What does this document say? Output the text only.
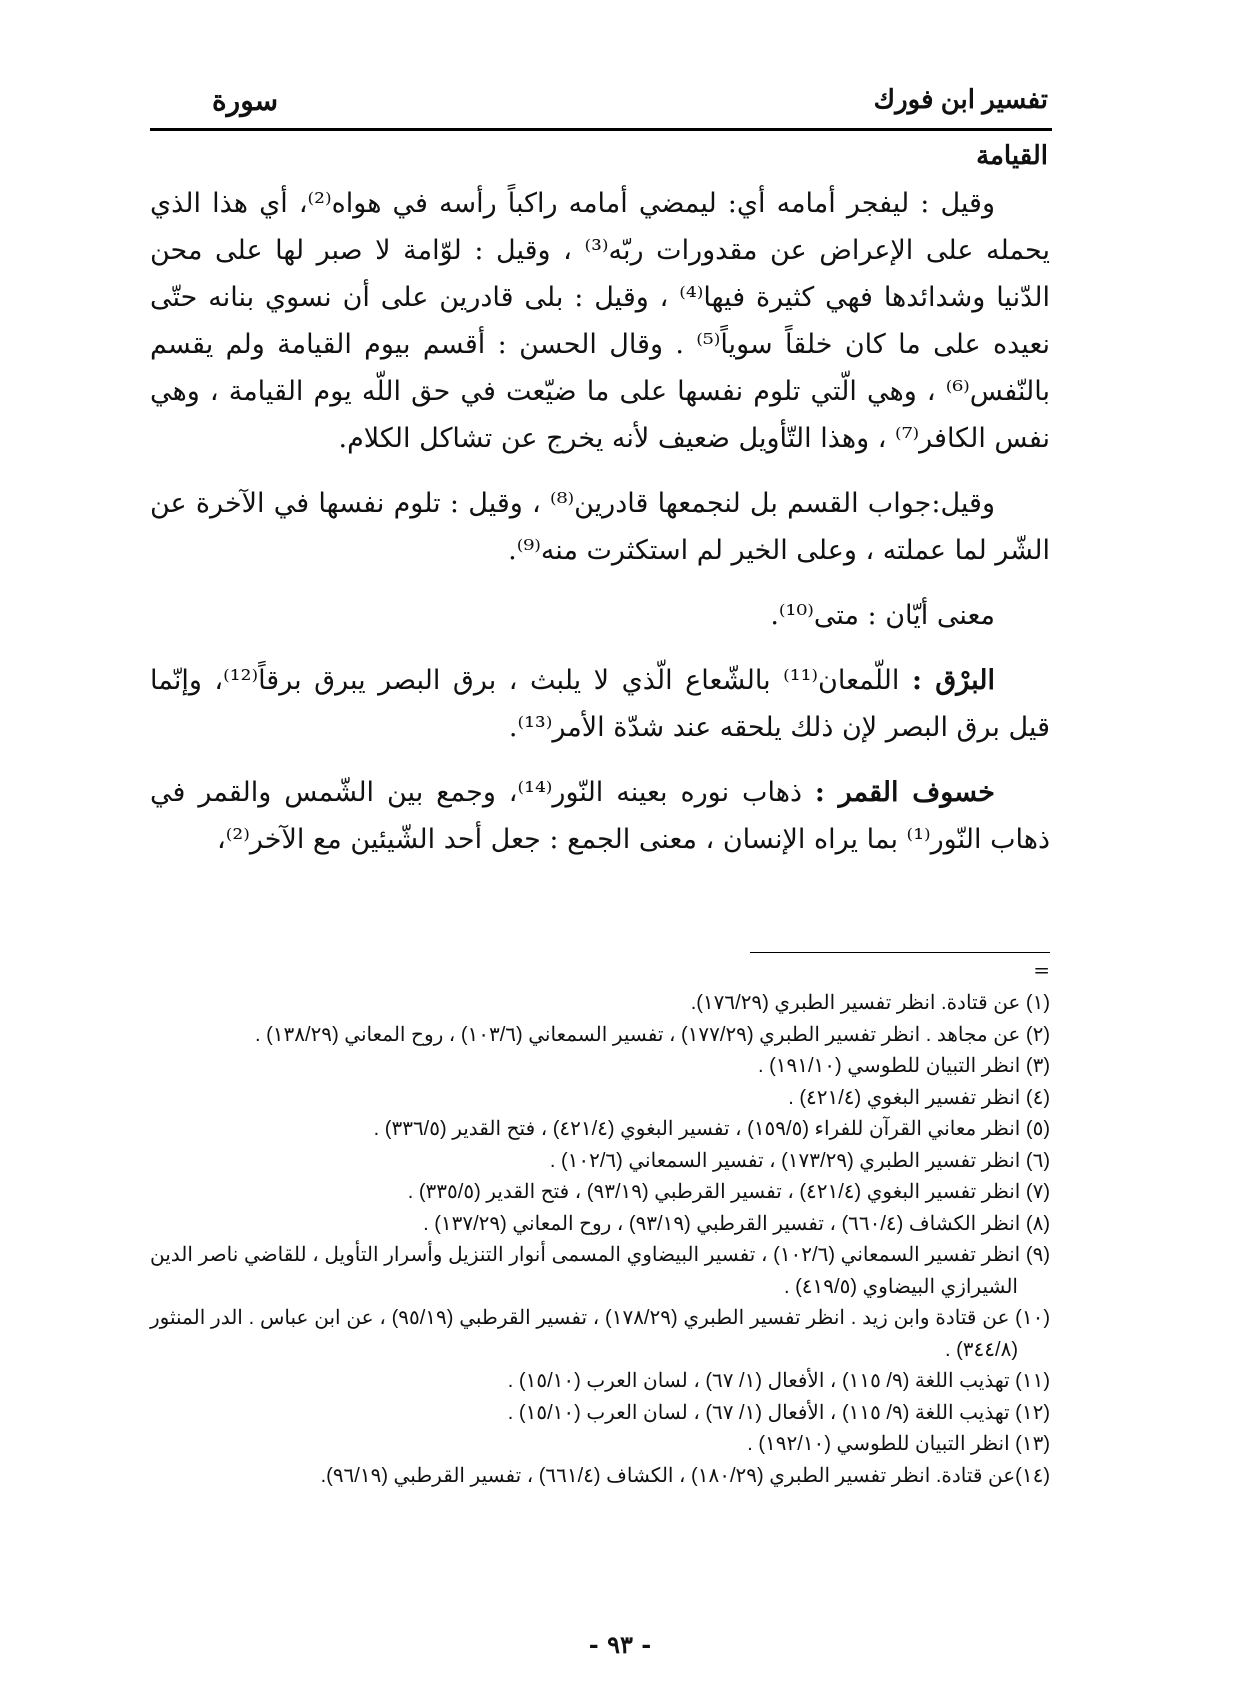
تفسير ابن فورك
سورة
القيامة

وقيل : ليفجر أمامه أي: ليمضي أمامه راكباً رأسه في هواه⁽²⁾، أي هذا الذي يحمله على الإعراض عن مقدورات ربّه⁽³⁾ ، وقيل : لوّامة لا صبر لها على محن الدّنيا وشدائدها فهي كثيرة فيها⁽⁴⁾ ، وقيل : بلى قادرين على أن نسوي بنانه حتّى نعيده على ما كان خلقاً سوياً⁽⁵⁾ . وقال الحسن : أقسم بيوم القيامة ولم يقسم بالنّفس⁽⁶⁾ ، وهي الّتي تلوم نفسها على ما ضيّعت في حق اللّه يوم القيامة ، وهي نفس الكافر⁽⁷⁾ ، وهذا التّأويل ضعيف لأنه يخرج عن تشاكل الكلام.

وقيل:جواب القسم بل لنجمعها قادرين⁽⁸⁾ ، وقيل : تلوم نفسها في الآخرة عن الشّر لما عملته ، وعلى الخير لم استكثرت منه⁽⁹⁾.

معنى أيّان : متى⁽¹⁰⁾.

البرْق : اللّمعان⁽¹¹⁾ بالشّعاع الّذي لا يلبث ، برق البصر يبرق برقاً⁽¹²⁾، وإنّما قيل برق البصر لإن ذلك يلحقه عند شدّة الأمر⁽¹³⁾.

خسوف القمر : ذهاب نوره بعينه النّور⁽¹⁴⁾، وجمع بين الشّمس والقمر في ذهاب النّور⁽¹⁾ بما يراه الإنسان ، معنى الجمع : جعل أحد الشّيئين مع الآخر⁽²⁾،

=

(١) عن قتادة. انظر تفسير الطبري (١٧٦/٢٩).

(٢) عن مجاهد . انظر تفسير الطبري (١٧٧/٢٩) ، تفسير السمعاني (١٠٣/٦) ، روح المعاني (١٣٨/٢٩) .

(٣) انظر التبيان للطوسي (١٩١/١٠) .

(٤) انظر تفسير البغوي (٤٢١/٤) .

(٥) انظر معاني القرآن للفراء (١٥٩/٥) ، تفسير البغوي (٤٢١/٤) ، فتح القدير (٣٣٦/٥) .

(٦) انظر تفسير الطبري (١٧٣/٢٩) ، تفسير السمعاني (١٠٢/٦) .

(٧) انظر تفسير البغوي (٤٢١/٤) ، تفسير القرطبي (٩٣/١٩) ، فتح القدير (٣٣٥/٥) .

(٨) انظر الكشاف (٦٦٠/٤) ، تفسير القرطبي (٩٣/١٩) ، روح المعاني (١٣٧/٢٩) .

(٩) انظر تفسير السمعاني (١٠٢/٦) ، تفسير البيضاوي المسمى أنوار التنزيل وأسرار التأويل ، للقاضي ناصر الدين الشيرازي البيضاوي (٤١٩/٥) .

(١٠) عن قتادة وابن زيد . انظر تفسير الطبري (١٧٨/٢٩) ، تفسير القرطبي (٩٥/١٩) ، عن ابن عباس . الدر المنثور (٣٤٤/٨) .

(١١) تهذيب اللغة (٩/ ١١٥) ، الأفعال (١/ ٦٧) ، لسان العرب (١٥/١٠) .

(١٢) تهذيب اللغة (٩/ ١١٥) ، الأفعال (١/ ٦٧) ، لسان العرب (١٥/١٠) .

(١٣) انظر التبيان للطوسي (١٩٢/١٠) .

(١٤)عن قتادة. انظر تفسير الطبري (١٨٠/٢٩) ، الكشاف (٦٦١/٤) ، تفسير القرطبي (٩٦/١٩).

- ٩٣ -
